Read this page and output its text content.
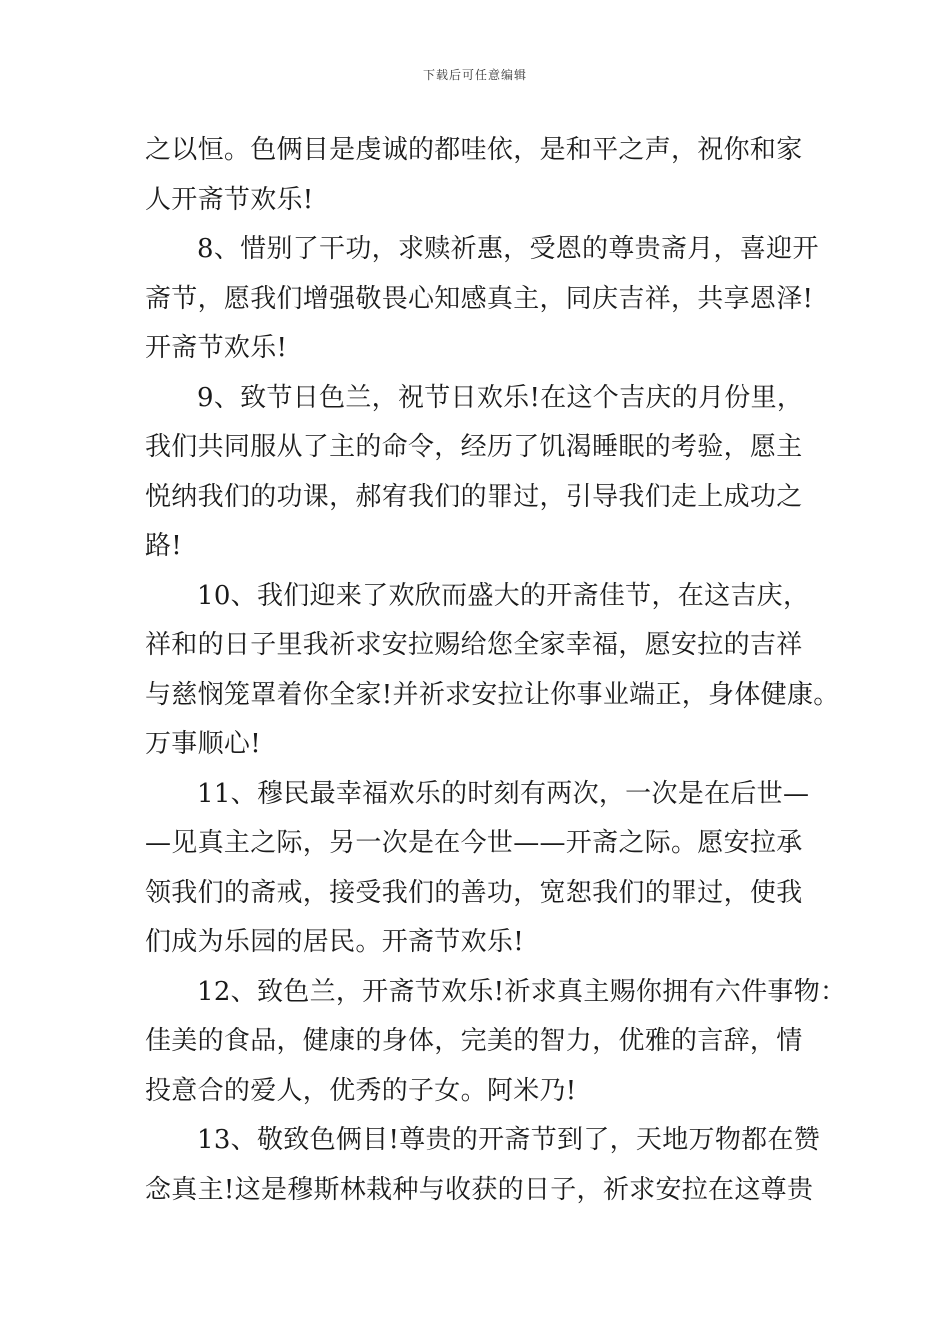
下载后可任意编辑
之以恒。色俩目是虔诚的都哇依，是和平之声，祝你和家
人开斋节欢乐!
8、惜别了干功，求赎祈惠，受恩的尊贵斋月，喜迎开
斋节，愿我们增强敬畏心知感真主，同庆吉祥，共享恩泽!
开斋节欢乐!
9、致节日色兰，祝节日欢乐!在这个吉庆的月份里，
我们共同服从了主的命令，经历了饥渴睡眠的考验，愿主
悦纳我们的功课，郝宥我们的罪过，引导我们走上成功之
路!
10、我们迎来了欢欣而盛大的开斋佳节，在这吉庆，
祥和的日子里我祈求安拉赐给您全家幸福，愿安拉的吉祥
与慈悯笼罩着你全家!并祈求安拉让你事业端正，身体健康。
万事顺心!
11、穆民最幸福欢乐的时刻有两次，一次是在后世—
—见真主之际，另一次是在今世——开斋之际。愿安拉承
领我们的斋戒，接受我们的善功，宽恕我们的罪过，使我
们成为乐园的居民。开斋节欢乐!
12、致色兰，开斋节欢乐!祈求真主赐你拥有六件事物：
佳美的食品，健康的身体，完美的智力，优雅的言辞，情
投意合的爱人，优秀的子女。阿米乃!
13、敬致色俩目!尊贵的开斋节到了，天地万物都在赞
念真主!这是穆斯林栽种与收获的日子，祈求安拉在这尊贵
